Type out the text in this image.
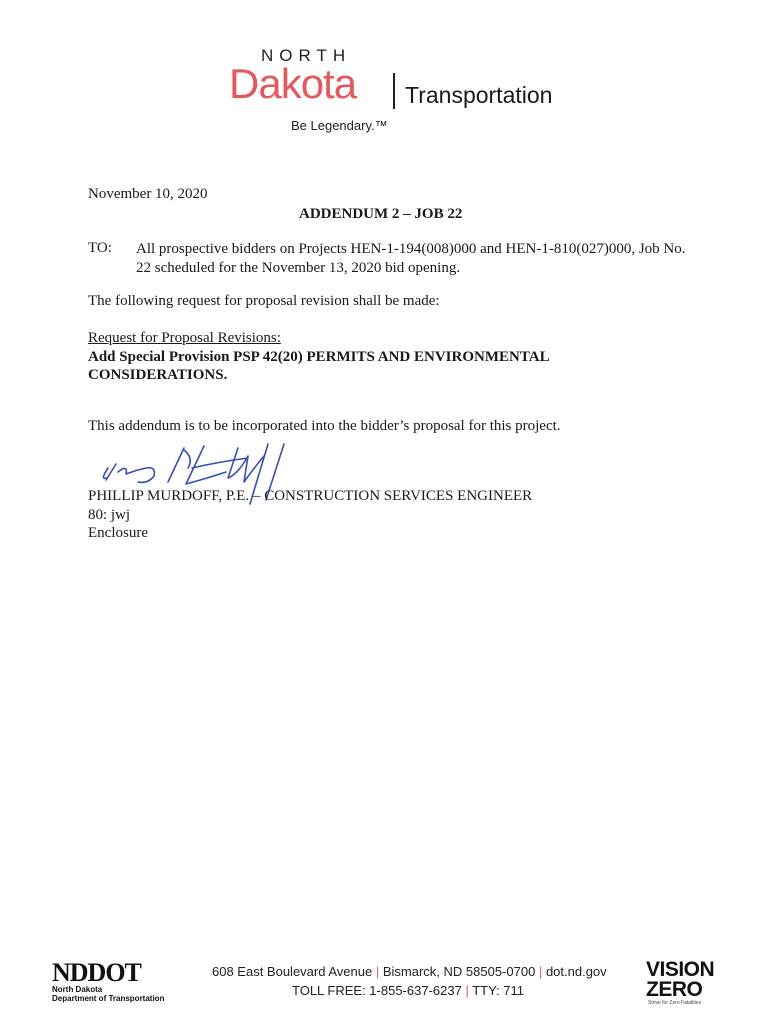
NORTH
Dakota Transportation
Be Legendary.™
November 10, 2020
ADDENDUM 2 – JOB 22
TO: All prospective bidders on Projects HEN-1-194(008)000 and HEN-1-810(027)000, Job No. 22 scheduled for the November 13, 2020 bid opening.
The following request for proposal revision shall be made:
Request for Proposal Revisions:
Add Special Provision PSP 42(20) PERMITS AND ENVIRONMENTAL CONSIDERATIONS.
This addendum is to be incorporated into the bidder’s proposal for this project.
PHILLIP MURDOFF, P.E. – CONSTRUCTION SERVICES ENGINEER
80: jwj
Enclosure
NDDOT
North Dakota
Department of Transportation
608 East Boulevard Avenue | Bismarck, ND 58505-0700 | dot.nd.gov
TOLL FREE: 1-855-637-6237 | TTY: 711
VISION
ZERO
Strive for Zero Fatalities
